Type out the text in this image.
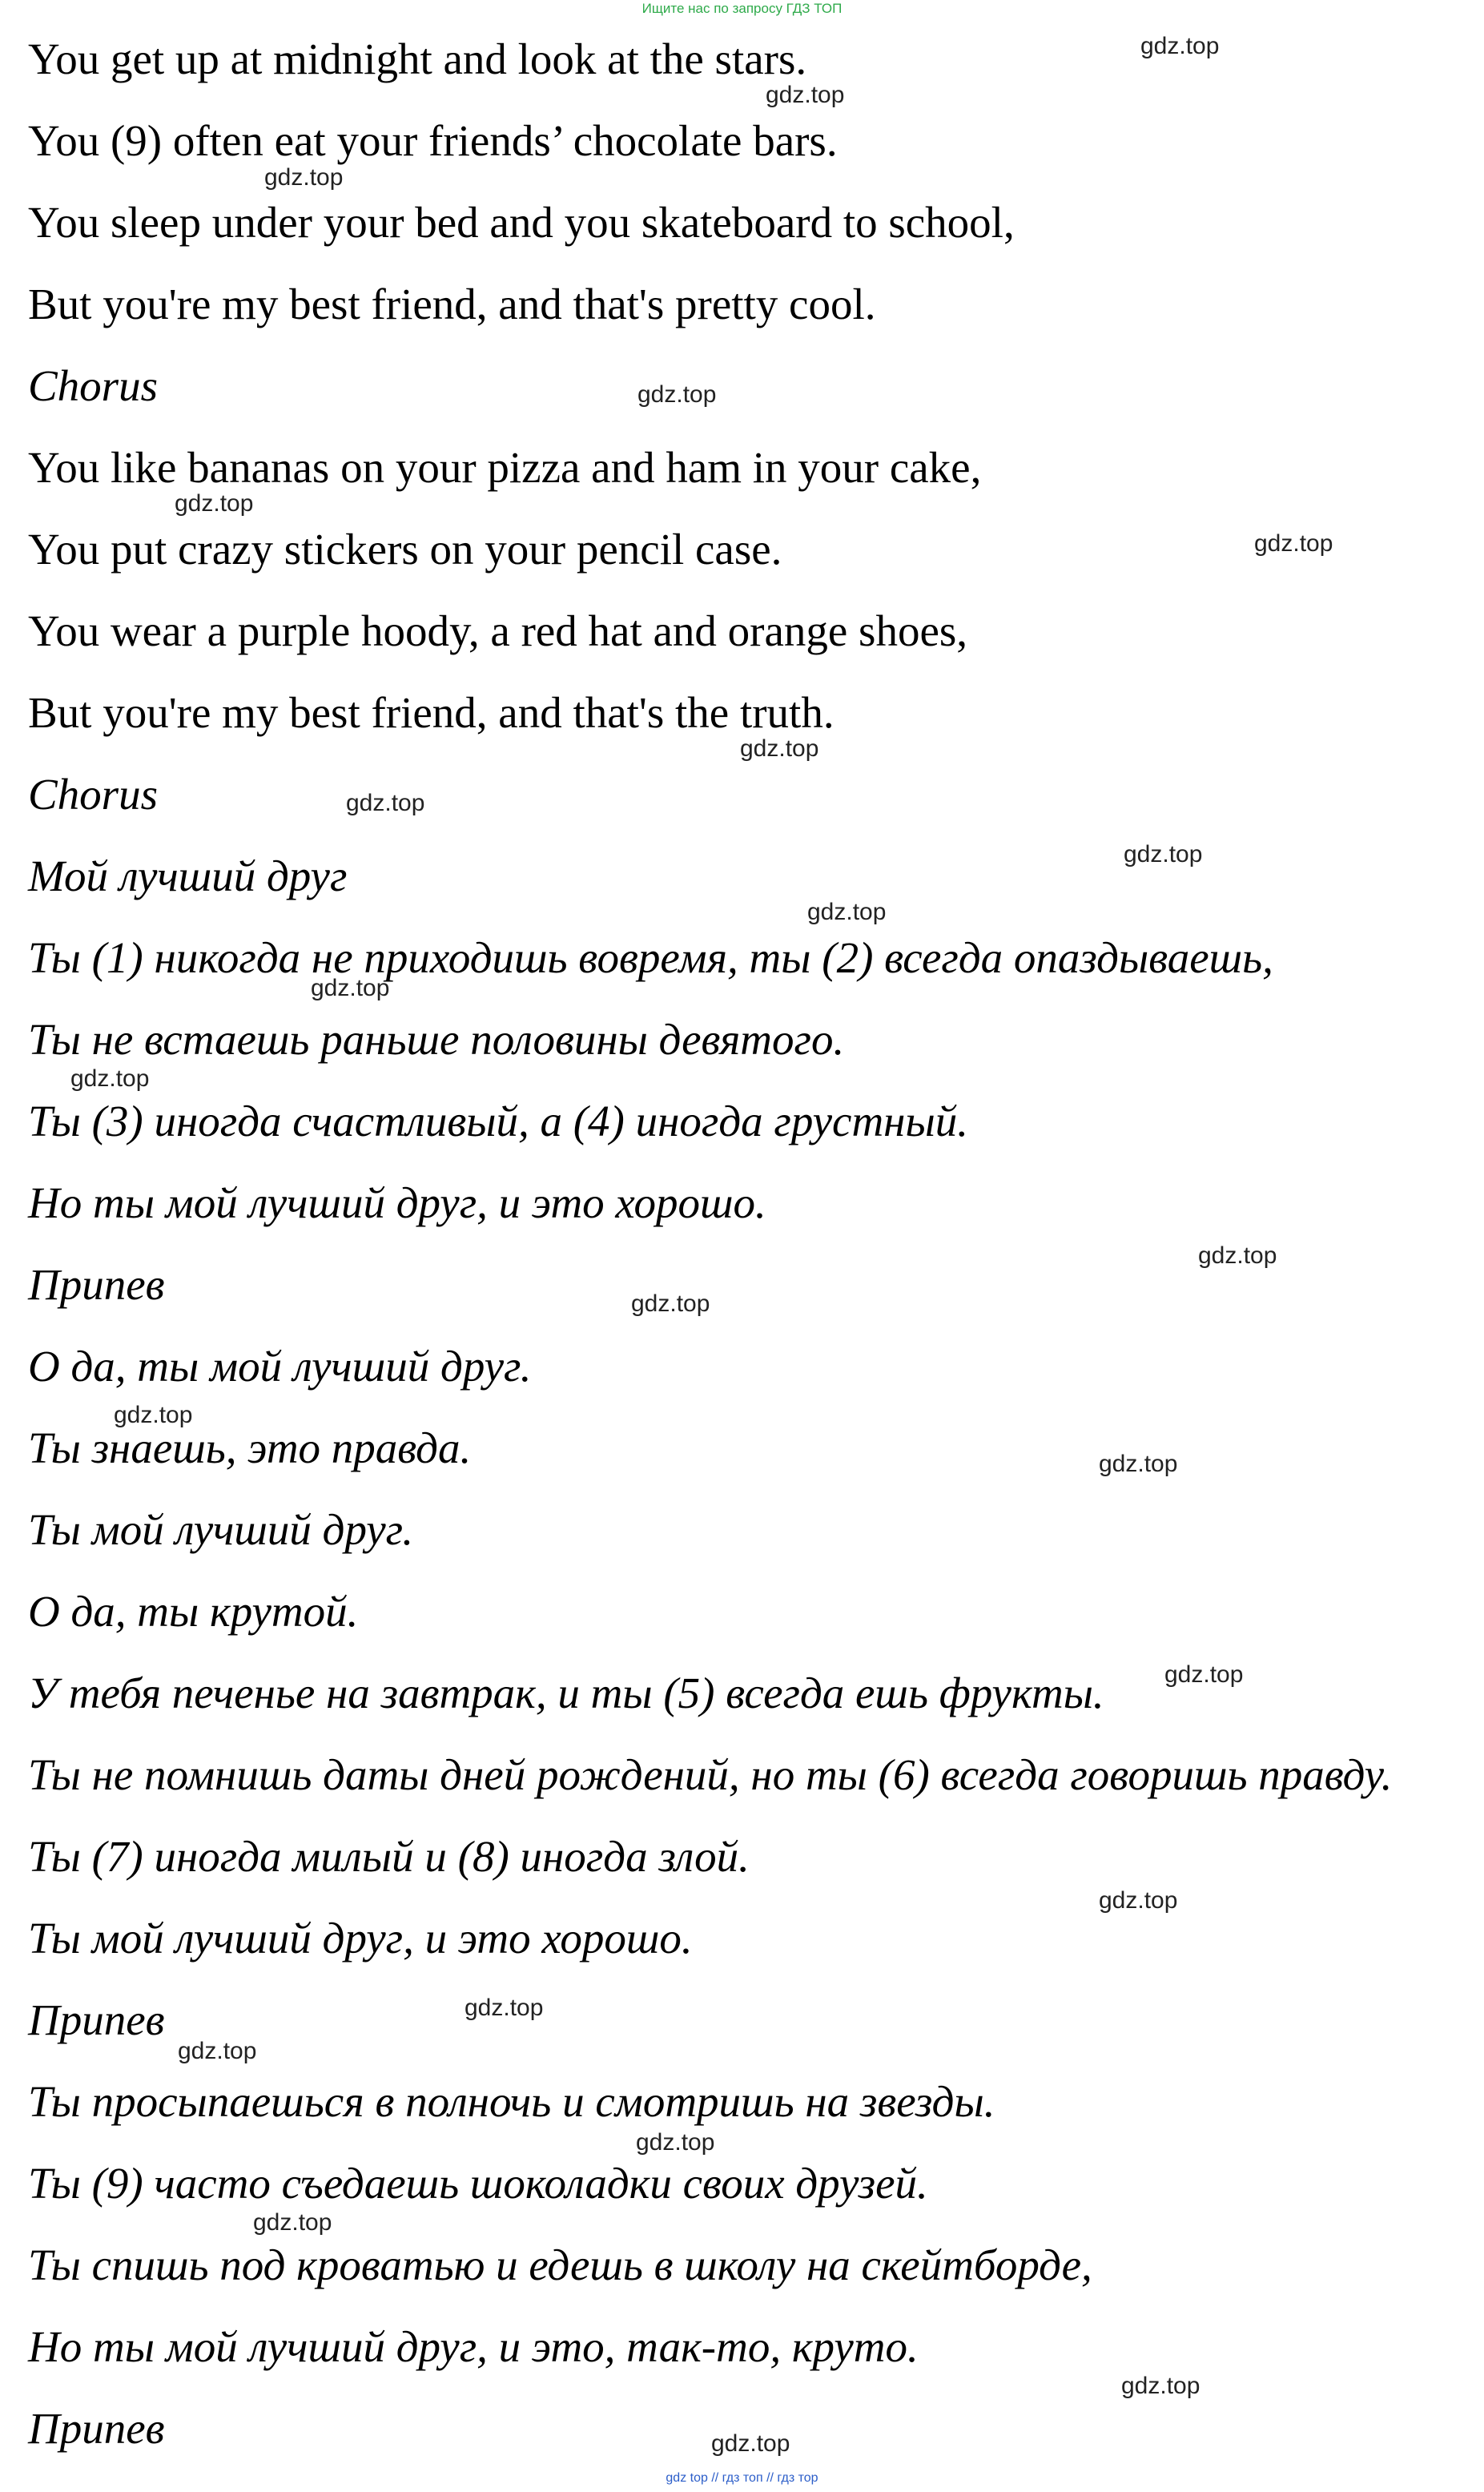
Ищите нас по запросу ГДЗ ТОП
You get up at midnight and look at the stars.
You (9) often eat your friends’ chocolate bars.
You sleep under your bed and you skateboard to school,
But you're my best friend, and that's pretty cool.
Chorus
You like bananas on your pizza and ham in your cake,
You put crazy stickers on your pencil case.
You wear a purple hoody, a red hat and orange shoes,
But you're my best friend, and that's the truth.
Chorus
Мой лучший друг
Ты (1) никогда не приходишь вовремя, ты (2) всегда опаздываешь,
Ты не встаешь раньше половины девятого.
Ты (3) иногда счастливый, а (4) иногда грустный.
Но ты мой лучший друг, и это хорошо.
Припев
О да, ты мой лучший друг.
Ты знаешь, это правда.
Ты мой лучший друг.
О да, ты крутой.
У тебя печенье на завтрак, и ты (5) всегда ешь фрукты.
Ты не помнишь даты дней рождений, но ты (6) всегда говоришь правду.
Ты (7) иногда милый и (8) иногда злой.
Ты мой лучший друг, и это хорошо.
Припев
Ты просыпаешься в полночь и смотришь на звезды.
Ты (9) часто съедаешь шоколадки своих друзей.
Ты спишь под кроватью и едешь в школу на скейтборде,
Но ты мой лучший друг, и это, так-то, круто.
Припев
gdz.top
gdz.top
gdz.top
gdz.top
gdz.top
gdz.top
gdz.top
gdz.top
gdz.top
gdz.top
gdz.top
gdz.top
gdz.top
gdz.top
gdz.top
gdz.top
gdz.top
gdz.top
gdz.top
gdz.top
gdz.top
gdz.top
gdz.top
gdz.top
gdz top // гдз топ // гдз тор
